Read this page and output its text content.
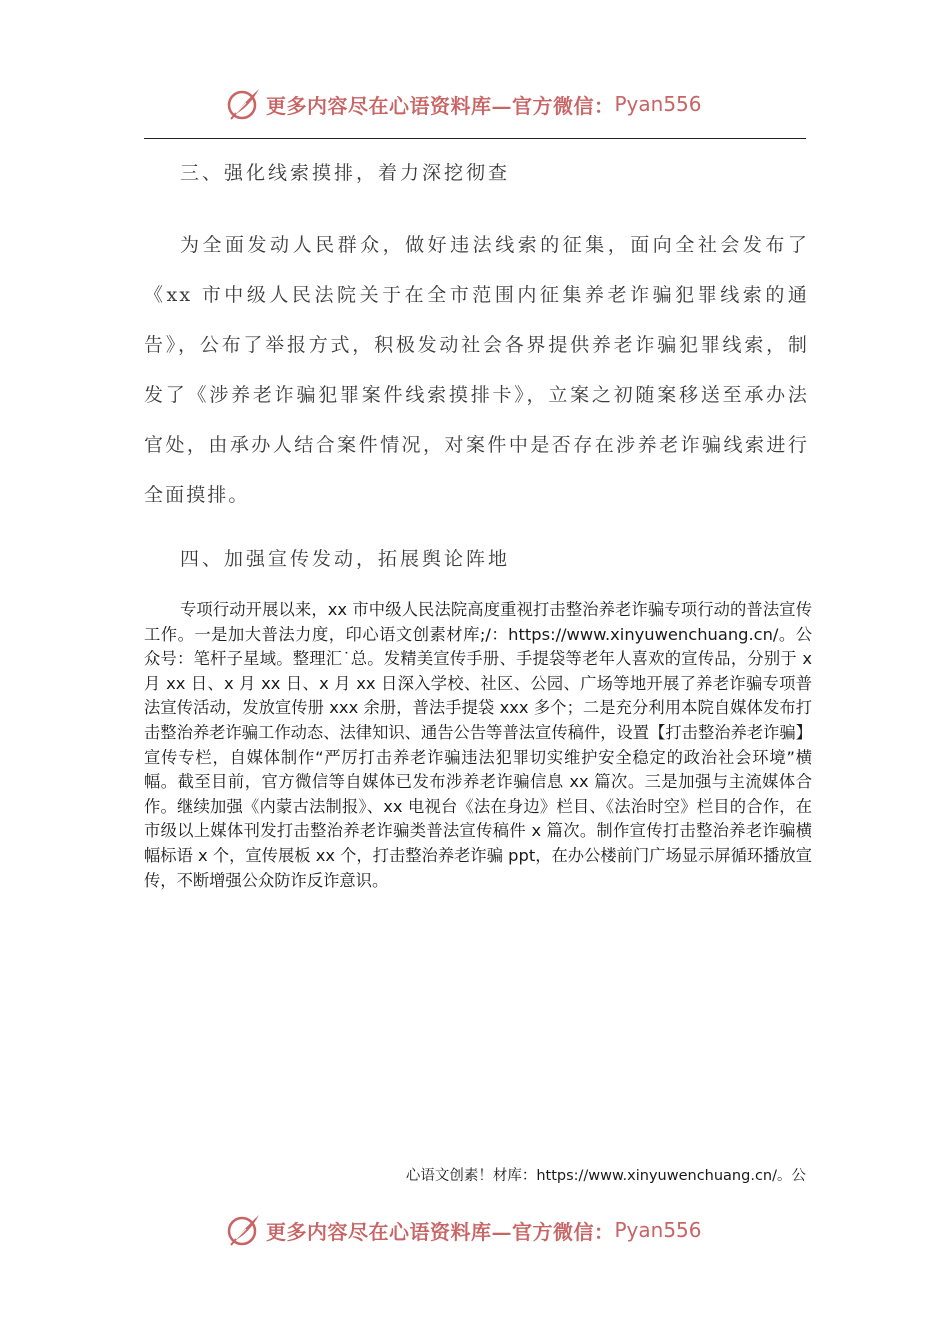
更多内容尽在心语资料库—官方微信： Pyan556
三、强化线索摸排，着力深挖彻查
为全面发动人民群众，做好违法线索的征集，面向全社会发布了《xx 市中级人民法院关于在全市范围内征集养老诈骗犯罪线索的通告》，公布了举报方式，积极发动社会各界提供养老诈骗犯罪线索，制发了《涉养老诈骗犯罪案件线索摸排卡》，立案之初随案移送至承办法官处，由承办人结合案件情况，对案件中是否存在涉养老诈骗线索进行全面摸排。
四、加强宣传发动，拓展舆论阵地
专项行动开展以来，xx 市中级人民法院高度重视打击整治养老诈骗专项行动的普法宣传工作。一是加大普法力度，印心语文创素材库;/：https://www.xinyuwenchuang.cn/。公众号：笔杆子星域。整理汇˙总。发精美宣传手册、手提袋等老年人喜欢的宣传品，分别于 x 月 xx 日、x 月 xx 日、x 月 xx 日深入学校、社区、公园、广场等地开展了养老诈骗专项普法宣传活动，发放宣传册 xxx 余册，普法手提袋 xxx 多个；二是充分利用本院自媒体发布打击整治养老诈骗工作动态、法律知识、通告公告等普法宣传稿件，设置【打击整治养老诈骗】宣传专栏，自媒体制作“严厉打击养老诈骗违法犯罪切实维护安全稳定的政治社会环境”横幅。截至目前，官方微信等自媒体已发布涉养老诈骗信息 xx 篇次。三是加强与主流媒体合作。继续加强《内蒙古法制报》、xx 电视台《法在身边》栏目、《法治时空》栏目的合作，在市级以上媒体刊发打击整治养老诈骗类普法宣传稿件 x 篇次。制作宣传打击整治养老诈骗横幅标语 x 个，宣传展板 xx 个，打击整治养老诈骗 ppt，在办公楼前门广场显示屏循环播放宣传，不断增强公众防诈反诈意识。
心语文创素！材库：https://www.xinyuwenchuang.cn/。公
更多内容尽在心语资料库—官方微信： Pyan556
